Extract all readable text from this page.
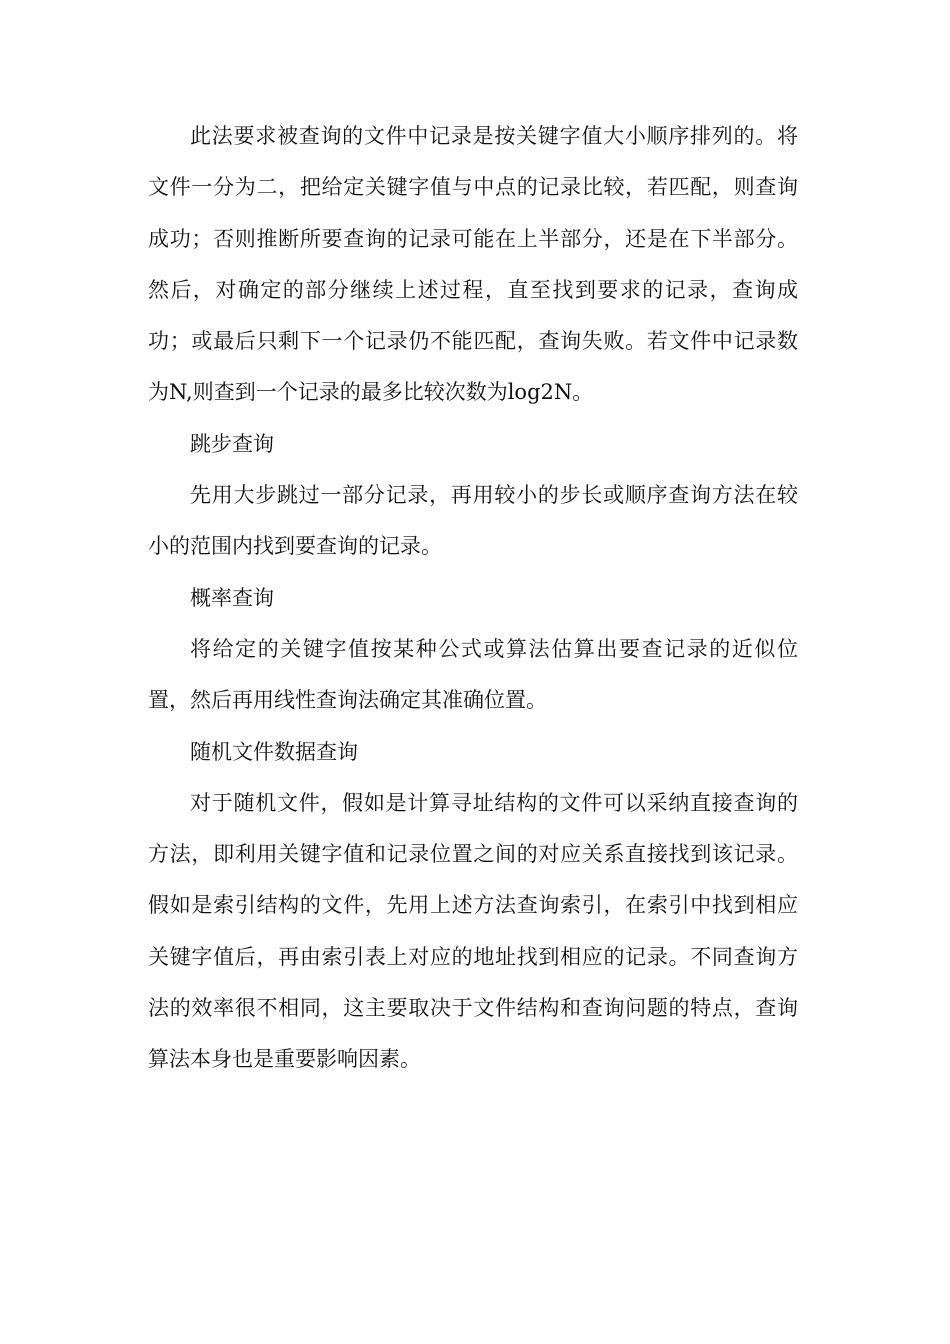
此法要求被查询的文件中记录是按关键字值大小顺序排列的。将文件一分为二，把给定关键字值与中点的记录比较，若匹配，则查询成功；否则推断所要查询的记录可能在上半部分，还是在下半部分。然后，对确定的部分继续上述过程，直至找到要求的记录，查询成功；或最后只剩下一个记录仍不能匹配，查询失败。若文件中记录数为N,则查到一个记录的最多比较次数为log2N。

跳步查询

先用大步跳过一部分记录，再用较小的步长或顺序查询方法在较小的范围内找到要查询的记录。

概率查询

将给定的关键字值按某种公式或算法估算出要查记录的近似位置，然后再用线性查询法确定其准确位置。

随机文件数据查询

对于随机文件，假如是计算寻址结构的文件可以采纳直接查询的方法，即利用关键字值和记录位置之间的对应关系直接找到该记录。假如是索引结构的文件，先用上述方法查询索引，在索引中找到相应关键字值后，再由索引表上对应的地址找到相应的记录。不同查询方法的效率很不相同，这主要取决于文件结构和查询问题的特点，查询算法本身也是重要影响因素。
